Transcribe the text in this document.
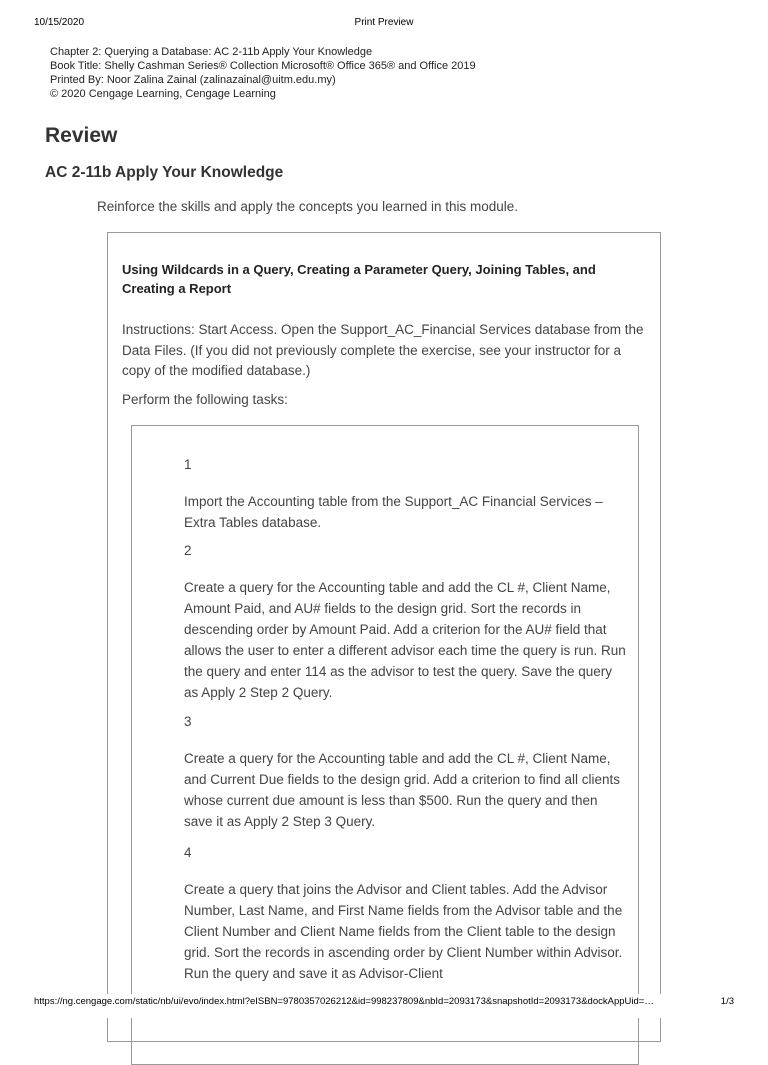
10/15/2020	Print Preview
Chapter 2: Querying a Database: AC 2-11b Apply Your Knowledge
Book Title: Shelly Cashman Series® Collection Microsoft® Office 365® and Office 2019
Printed By: Noor Zalina Zainal (zalinazainal@uitm.edu.my)
© 2020 Cengage Learning, Cengage Learning
Review
AC 2-11b Apply Your Knowledge
Reinforce the skills and apply the concepts you learned in this module.
Using Wildcards in a Query, Creating a Parameter Query, Joining Tables, and Creating a Report
Instructions: Start Access. Open the Support_AC_Financial Services database from the Data Files. (If you did not previously complete the exercise, see your instructor for a copy of the modified database.)
Perform the following tasks:
1
Import the Accounting table from the Support_AC Financial Services – Extra Tables database.
2
Create a query for the Accounting table and add the CL #, Client Name, Amount Paid, and AU# fields to the design grid. Sort the records in descending order by Amount Paid. Add a criterion for the AU# field that allows the user to enter a different advisor each time the query is run. Run the query and enter 114 as the advisor to test the query. Save the query as Apply 2 Step 2 Query.
3
Create a query for the Accounting table and add the CL #, Client Name, and Current Due fields to the design grid. Add a criterion to find all clients whose current due amount is less than $500. Run the query and then save it as Apply 2 Step 3 Query.
4
Create a query that joins the Advisor and Client tables. Add the Advisor Number, Last Name, and First Name fields from the Advisor table and the Client Number and Client Name fields from the Client table to the design grid. Sort the records in ascending order by Client Number within Advisor. Run the query and save it as Advisor-Client
https://ng.cengage.com/static/nb/ui/evo/index.html?eISBN=9780357026212&id=998237809&nbId=2093173&snapshotId=2093173&dockAppUid=…	1/3
